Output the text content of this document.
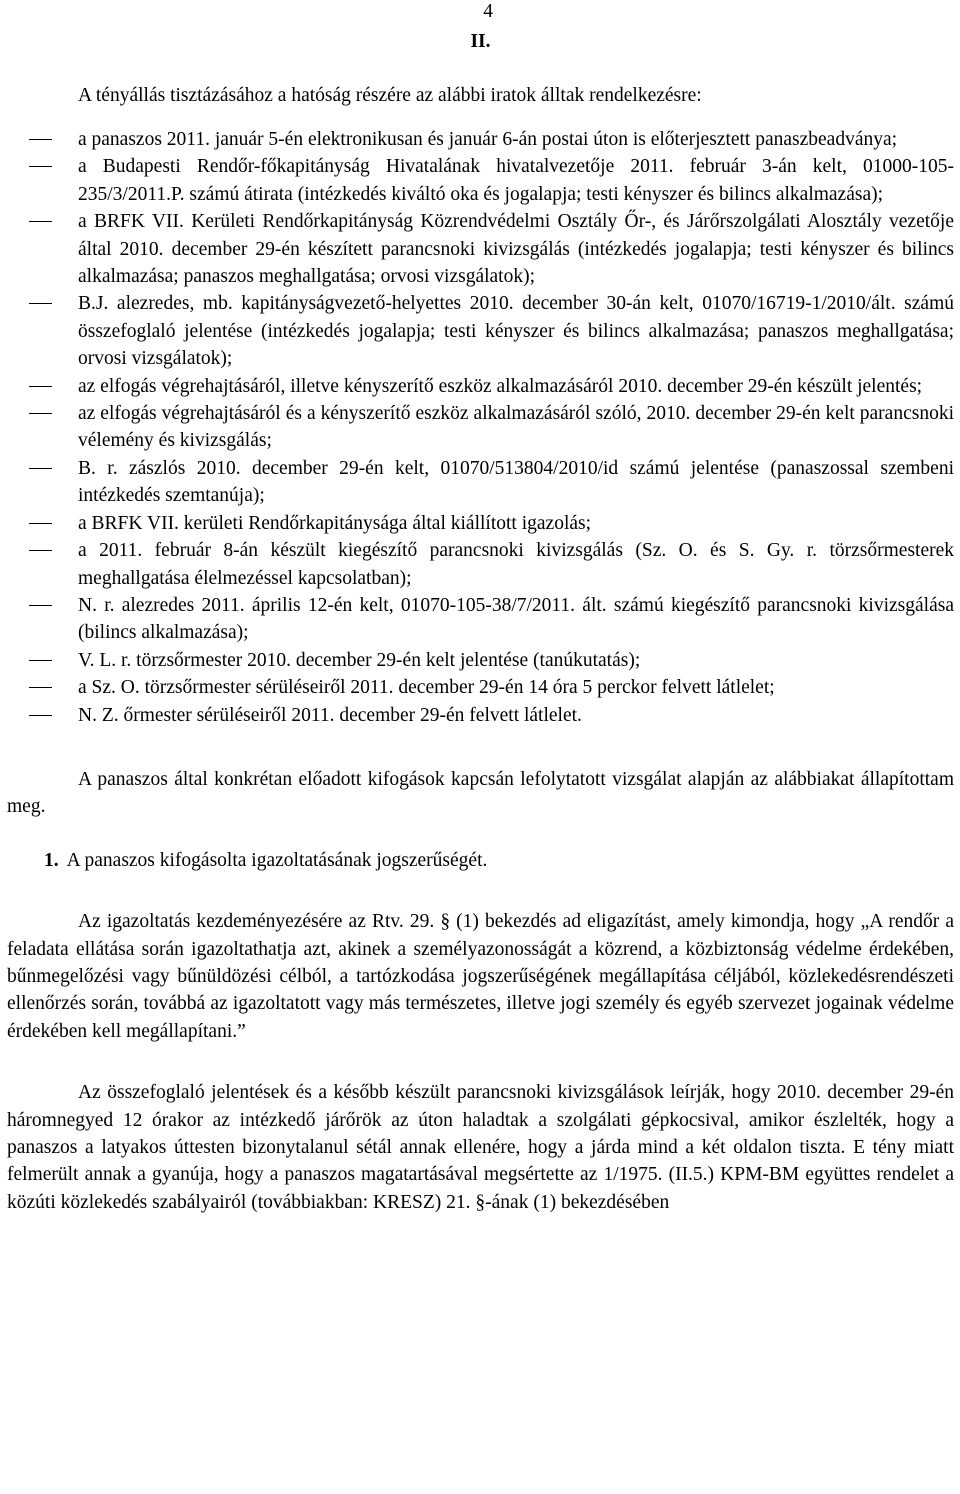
4

II.

A tényállás tisztázásához a hatóság részére az alábbi iratok álltak rendelkezésre:

a panaszos 2011. január 5-én elektronikusan és január 6-án postai úton is előterjesztett panaszbeadványa;
a Budapesti Rendőr-főkapitányság Hivatalának hivatalvezetője 2011. február 3-án kelt, 01000-105-235/3/2011.P. számú átirata (intézkedés kiváltó oka és jogalapja; testi kényszer és bilincs alkalmazása);
a BRFK VII. Kerületi Rendőrkapitányság Közrendvédelmi Osztály Őr-, és Járőrszolgálati Alosztály vezetője által 2010. december 29-én készített parancsnoki kivizsgálás (intézkedés jogalapja; testi kényszer és bilincs alkalmazása; panaszos meghallgatása; orvosi vizsgálatok);
B.J. alezredes, mb. kapitányságvezető-helyettes 2010. december 30-án kelt, 01070/16719-1/2010/ált. számú összefoglaló jelentése (intézkedés jogalapja; testi kényszer és bilincs alkalmazása; panaszos meghallgatása; orvosi vizsgálatok);
az elfogás végrehajtásáról, illetve kényszerítő eszköz alkalmazásáról 2010. december 29-én készült jelentés;
az elfogás végrehajtásáról és a kényszerítő eszköz alkalmazásáról szóló, 2010. december 29-én kelt parancsnoki vélemény és kivizsgálás;
B. r. zászlós 2010. december 29-én kelt, 01070/513804/2010/id számú jelentése (panaszossal szembeni intézkedés szemtanúja);
a BRFK VII. kerületi Rendőrkapitánysága által kiállított igazolás;
a 2011. február 8-án készült kiegészítő parancsnoki kivizsgálás (Sz. O. és S. Gy. r. törzsőrmesterek meghallgatása élelmezéssel kapcsolatban);
N. r. alezredes 2011. április 12-én kelt, 01070-105-38/7/2011. ált. számú kiegészítő parancsnoki kivizsgálása (bilincs alkalmazása);
V. L. r. törzsőrmester 2010. december 29-én kelt jelentése (tanúkutatás);
a Sz. O. törzsőrmester sérüléseiről 2011. december 29-én 14 óra 5 perckor felvett látlelet;
N. Z. őrmester sérüléseiről 2011. december 29-én felvett látlelet.

A panaszos által konkrétan előadott kifogások kapcsán lefolytatott vizsgálat alapján az alábbiakat állapítottam meg.

1. A panaszos kifogásolta igazoltatásának jogszerűségét.

Az igazoltatás kezdeményezésére az Rtv. 29. § (1) bekezdés ad eligazítást, amely kimondja, hogy „A rendőr a feladata ellátása során igazoltathatja azt, akinek a személyazonosságát a közrend, a közbiztonság védelme érdekében, bűnmegelőzési vagy bűnüldözési célból, a tartózkodása jogszerűségének megállapítása céljából, közlekedésrendészeti ellenőrzés során, továbbá az igazoltatott vagy más természetes, illetve jogi személy és egyéb szervezet jogainak védelme érdekében kell megállapítani.”

Az összefoglaló jelentések és a később készült parancsnoki kivizsgálások leírják, hogy 2010. december 29-én háromnegyed 12 órakor az intézkedő járőrök az úton haladtak a szolgálati gépkocsival, amikor észlelték, hogy a panaszos a latyakos úttesten bizonytalanul sétál annak ellenére, hogy a járda mind a két oldalon tiszta. E tény miatt felmerült annak a gyanúja, hogy a panaszos magatartásával megsértette az 1/1975. (II.5.) KPM-BM együttes rendelet a közúti közlekedés szabályairól (továbbiakban: KRESZ) 21. §-ának (1) bekezdésében
